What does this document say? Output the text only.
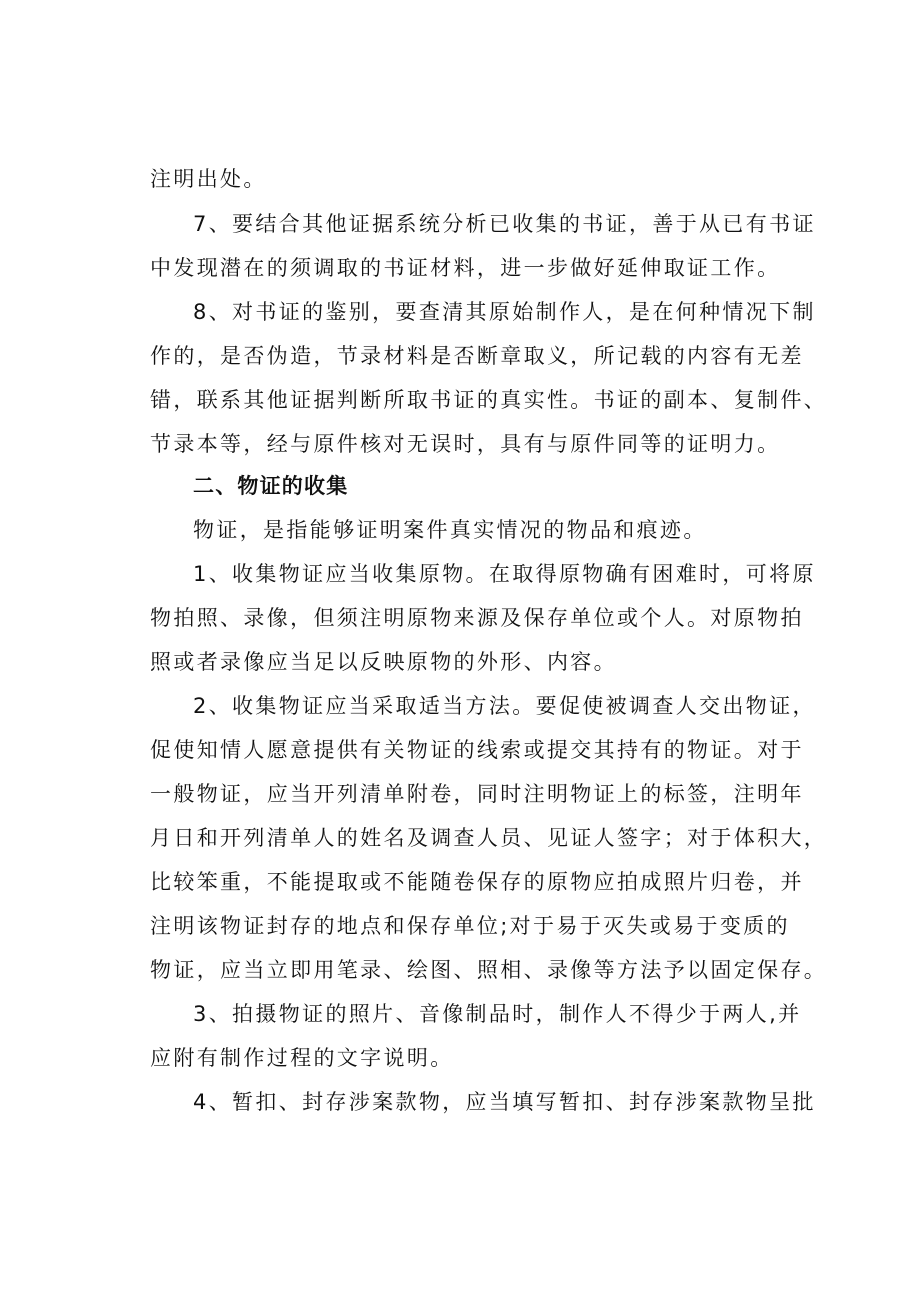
注明出处。
7、要结合其他证据系统分析已收集的书证，善于从已有书证
中发现潜在的须调取的书证材料，进一步做好延伸取证工作。
8、对书证的鉴别，要查清其原始制作人，是在何种情况下制
作的，是否伪造，节录材料是否断章取义，所记载的内容有无差
错，联系其他证据判断所取书证的真实性。书证的副本、复制件、
节录本等，经与原件核对无误时，具有与原件同等的证明力。
二、物证的收集
物证，是指能够证明案件真实情况的物品和痕迹。
1、收集物证应当收集原物。在取得原物确有困难时，可将原
物拍照、录像，但须注明原物来源及保存单位或个人。对原物拍
照或者录像应当足以反映原物的外形、内容。
2、收集物证应当采取适当方法。要促使被调查人交出物证，
促使知情人愿意提供有关物证的线索或提交其持有的物证。对于
一般物证，应当开列清单附卷，同时注明物证上的标签，注明年
月日和开列清单人的姓名及调查人员、见证人签字；对于体积大，
比较笨重，不能提取或不能随卷保存的原物应拍成照片归卷，并
注明该物证封存的地点和保存单位;对于易于灭失或易于变质的
物证，应当立即用笔录、绘图、照相、录像等方法予以固定保存。
3、拍摄物证的照片、音像制品时，制作人不得少于两人,并
应附有制作过程的文字说明。
4、暂扣、封存涉案款物，应当填写暂扣、封存涉案款物呈批
